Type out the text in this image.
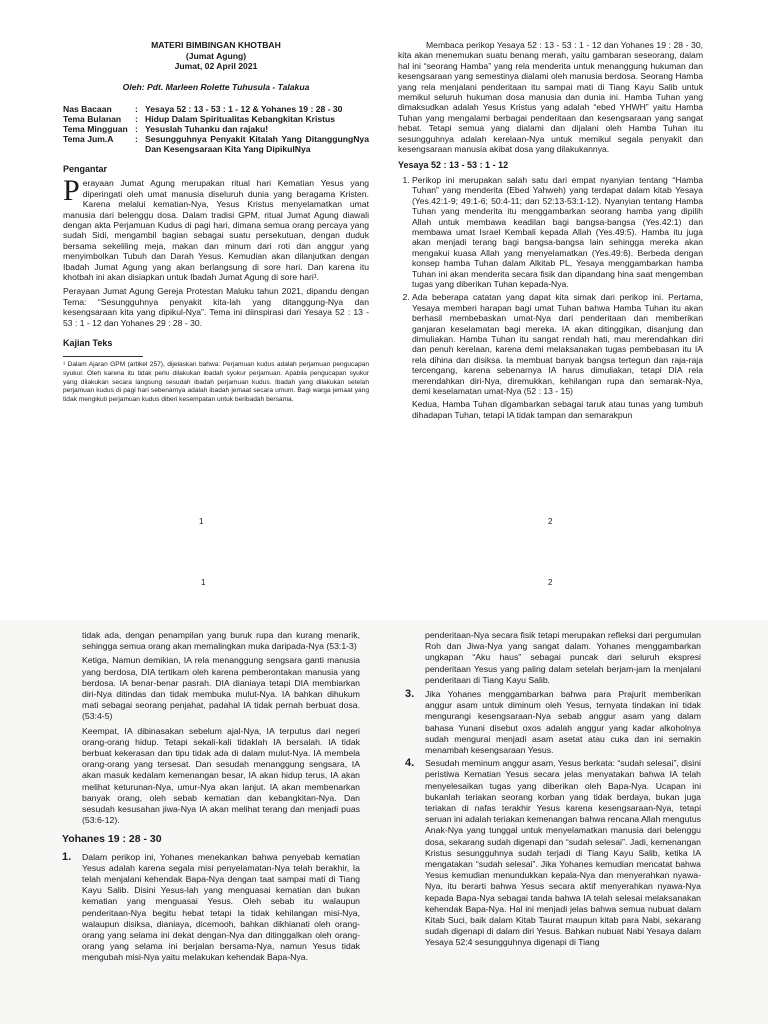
MATERI BIMBINGAN KHOTBAH
(Jumat Agung)
Jumat, 02 April 2021
Oleh: Pdt. Marleen Rolette Tuhusula - Talakua
Nas Bacaan	: Yesaya 52 : 13 - 53 : 1 - 12 & Yohanes 19 : 28 - 30
Tema Bulanan	: Hidup Dalam Spiritualitas Kebangkitan Kristus
Tema Mingguan : Yesuslah Tuhanku dan rajaku!
Tema Jum.A	: Sesungguhnya Penyakit Kitalah Yang DitanggungNya Dan Kesengsaraan Kita Yang DipikulNya
Pengantar

Perayaan Jumat Agung merupakan ritual hari Kematian Yesus yang diperingati oleh umat manusia diseluruh dunia yang beragama Kristen. Karena melalui kematian-Nya, Yesus Kristus menyelamatkan umat manusia dari belenggu dosa. Dalam tradisi GPM, ritual Jumat Agung diawali dengan akta Perjamuan Kudus di pagi hari, dimana semua orang percaya yang sudah Sidi, mengambil bagian sebagai suatu persekutuan, dengan duduk bersama sekeliling meja, makan dan minum dari roti dan anggur yang menyimbolkan Tubuh dan Darah Yesus. Kemudian akan dilanjutkan dengan Ibadah Jumat Agung yang akan berlangsung di sore hari. Dan karena itu khotbah ini akan disiapkan untuk Ibadah Jumat Agung di sore hari¹.

Perayaan Jumat Agung Gereja Protestan Maluku tahun 2021, dipandu dengan Tema: “Sesungguhnya penyakit kita-lah yang ditanggung-Nya dan kesengsaraan kita yang dipikul-Nya”. Tema ini diinspirasi dari Yesaya 52 : 13 - 53 : 1 - 12 dan Yohanes 29 : 28 - 30.

Kajian Teks
¹ Dalam Ajaran GPM (artikel 257), dijelaskan bahwa: Perjamuan kudus adalah perjamuan pengucapan syukur. Oleh karena itu tidak perlu dilakukan ibadah syukur perjamuan. Apabila pengucapan syukur yang dilakukan secara langsung sesudah ibadah perjamuan kudus. Ibadah yang dilakukan setelah perjamuan kudus di pagi hari sebenarnya adalah ibadah jemaat secara umum. Bagi warga jemaat yang tidak mengikuti perjamuan kudus diberi kesempatan untuk beribadah bersama.

Membaca perikop Yesaya 52 : 13 - 53 : 1 - 12 dan Yohanes 19 : 28 - 30, kita akan menemukan suatu benang merah, yaitu gambaran seseorang, dalam hal ini “seorang Hamba” yang rela menderita untuk menanggung hukuman dan kesengsaraan yang semestinya dialami oleh manusia berdosa. Seorang Hamba yang rela menjalani penderitaan itu sampai mati di Tiang Kayu Salib untuk memikul seluruh hukuman dosa manusia dan dunia ini. Hamba Tuhan yang dimaksudkan adalah Yesus Kristus yang adalah “ebed YHWH” yaitu Hamba Tuhan yang mengalami berbagai penderitaan dan kesengsaraan yang sangat hebat. Tetapi semua yang dialami dan dijalani oleh Hamba Tuhan itu sesungguhnya adalah kerelaan-Nya untuk memikul segala penyakit dan kesengsaraan manusia akibat dosa yang dilakukannya.

Yesaya 52 : 13 - 53 : 1 - 12
1. Perikop ini merupakan salah satu dari empat nyanyian tentang “Hamba Tuhan” yang menderita (Ebed Yahweh) yang terdapat dalam kitab Yesaya (Yes.42:1-9; 49:1-6; 50:4-11; dan 52:13-53:1-12). Nyanyian tentang Hamba Tuhan yang menderita itu menggambarkan seorang hamba yang dipilih Allah untuk membawa keadilan bagi bangsa-bangsa (Yes.42:1) dan membawa umat Israel Kembali kepada Allah (Yes.49:5). Hamba itu juga akan menjadi terang bagi bangsa-bangsa lain sehingga mereka akan mengakui kuasa Allah yang menyelamatkan (Yes.49:6). Berbeda dengan konsep hamba Tuhan dalam Alkitab PL, Yesaya menggambarkan hamba Tuhan ini akan menderita secara fisik dan dipandang hina saat mengemban tugas yang diberikan Tuhan kepada-Nya.
2. Ada beberapa catatan yang dapat kita simak dari perikop ini. Pertama, Yesaya memberi harapan bagi umat Tuhan bahwa Hamba Tuhan itu akan berhasil membebaskan umat-Nya dari penderitaan dan memberikan ganjaran keselamatan bagi mereka. IA akan ditinggikan, disanjung dan dimuliakan. Hamba Tuhan itu sangat rendah hati, mau merendahkan diri dan penuh kerelaan, karena demi melaksanakan tugas pembebasan itu IA rela dihina dan disiksa. Ia membuat banyak bangsa tertegun dan raja-raja tercengang, karena sebenarnya IA harus dimuliakan, tetapi DIA rela merendahkan diri-Nya, diremukkan, kehilangan rupa dan semarak-Nya, demi keselamatan umat-Nya (52 : 13 - 15)

Kedua, Hamba Tuhan digambarkan sebagai taruk atau tunas yang tumbuh dihadapan Tuhan, tetapi IA tidak tampan dan semarakpun

1	2
1	2

tidak ada, dengan penampilan yang buruk rupa dan kurang menarik, sehingga semua orang akan memalingkan muka daripada-Nya (53:1-3)

Ketiga, Namun demikian, IA rela menanggung sengsara ganti manusia yang berdosa, DIA tertikam oleh karena pemberontakan manusia yang berdosa. IA benar-benar pasrah. DIA dianiaya tetapi DIA membiarkan diri-Nya ditindas dan tidak membuka mulut-Nya. IA bahkan dihukum mati sebagai seorang penjahat, padahal IA tidak pernah berbuat dosa. (53:4-5)

Keempat, IA dibinasakan sebelum ajal-Nya, IA terputus dari negeri orang-orang hidup. Tetapi sekali-kali tidaklah IA bersalah. IA tidak berbuat kekerasan dan tipu tidak ada di dalam mulut-Nya. IA membela orang-orang yang tersesat. Dan sesudah menanggung sengsara, IA akan masuk kedalam kemenangan besar, IA akan hidup terus, IA akan melihat keturunan-Nya, umur-Nya akan lanjut. IA akan membenarkan banyak orang, oleh sebab kematian dan kebangkitan-Nya. Dan sesudah kesusahan jiwa-Nya IA akan melihat terang dan menjadi puas (53:6-12).

Yohanes 19 : 28 - 30
1. Dalam perikop ini, Yohanes menekankan bahwa penyebab kematian Yesus adalah karena segala misi penyelamatan-Nya telah berakhir, Ia telah menjalani kehendak Bapa-Nya dengan taat sampai mati di Tiang Kayu Salib. Disini Yesus-lah yang menguasai kematian dan bukan kematian yang menguasai Yesus. Oleh sebab itu walaupun penderitaan-Nya begitu hebat tetapi Ia tidak kehilangan misi-Nya, walaupun disiksa, dianiaya, dicemooh, bahkan dikhianati oleh orang-orang yang selama ini dekat dengan-Nya dan ditinggalkan oleh orang-orang yang selama ini berjalan bersama-Nya, namun Yesus tidak mengubah misi-Nya yaitu melakukan kehendak Bapa-Nya.

penderitaan-Nya secara fisik tetapi merupakan refleksi dari pergumulan Roh dan Jiwa-Nya yang sangat dalam. Yohanes menggambarkan ungkapan “Aku haus” sebagai puncak dari seluruh ekspresi penderitaan Yesus yang paling dalam setelah berjam-jam Ia menjalani penderitaan di Tiang Kayu Salib.

3. Jika Yohanes menggambarkan bahwa para Prajurit memberikan anggur asam untuk diminum oleh Yesus, ternyata tindakan ini tidak mengurangi kesengsaraan-Nya sebab anggur asam yang dalam bahasa Yunani disebut oxos adalah anggur yang kadar alkoholnya sudah mengurai menjadi asam asetat atau cuka dan ini semakin menambah kesengsaraan Yesus.
4. Sesudah meminum anggur asam, Yesus berkata: “sudah selesai”, disini peristiwa Kematian Yesus secara jelas menyatakan bahwa IA telah menyelesaikan tugas yang diberikan oleh Bapa-Nya. Ucapan ini bukanlah teriakan seorang korban yang tidak berdaya, bukan juga teriakan di nafas terakhir Yesus karena kesengsaraan-Nya, tetapi seruan ini adalah teriakan kemenangan bahwa rencana Allah mengutus Anak-Nya yang tunggal untuk menyelamatkan manusia dari belenggu dosa, sekarang sudah digenapi dan “sudah selesai”. Jadi, kemenangan Kristus sesungguhnya sudah terjadi di Tiang Kayu Salib, ketika IA mengatakan “sudah selesai”. Jika Yohanes kemudian mencatat bahwa Yesus kemudian menundukkan kepala-Nya dan menyerahkan nyawa-Nya, itu berarti bahwa Yesus secara aktif menyerahkan nyawa-Nya kepada Bapa-Nya sebagai tanda bahwa IA telah selesai melaksanakan kehendak Bapa-Nya. Hal ini menjadi jelas bahwa semua nubuat dalam Kitab Suci, baik dalam Kitab Taurat maupun kitab para Nabi, sekarang sudah digenapi di dalam diri Yesus. Bahkan nubuat Nabi Yesaya dalam Yesaya 52:4 sesungguhnya digenapi di Tiang
